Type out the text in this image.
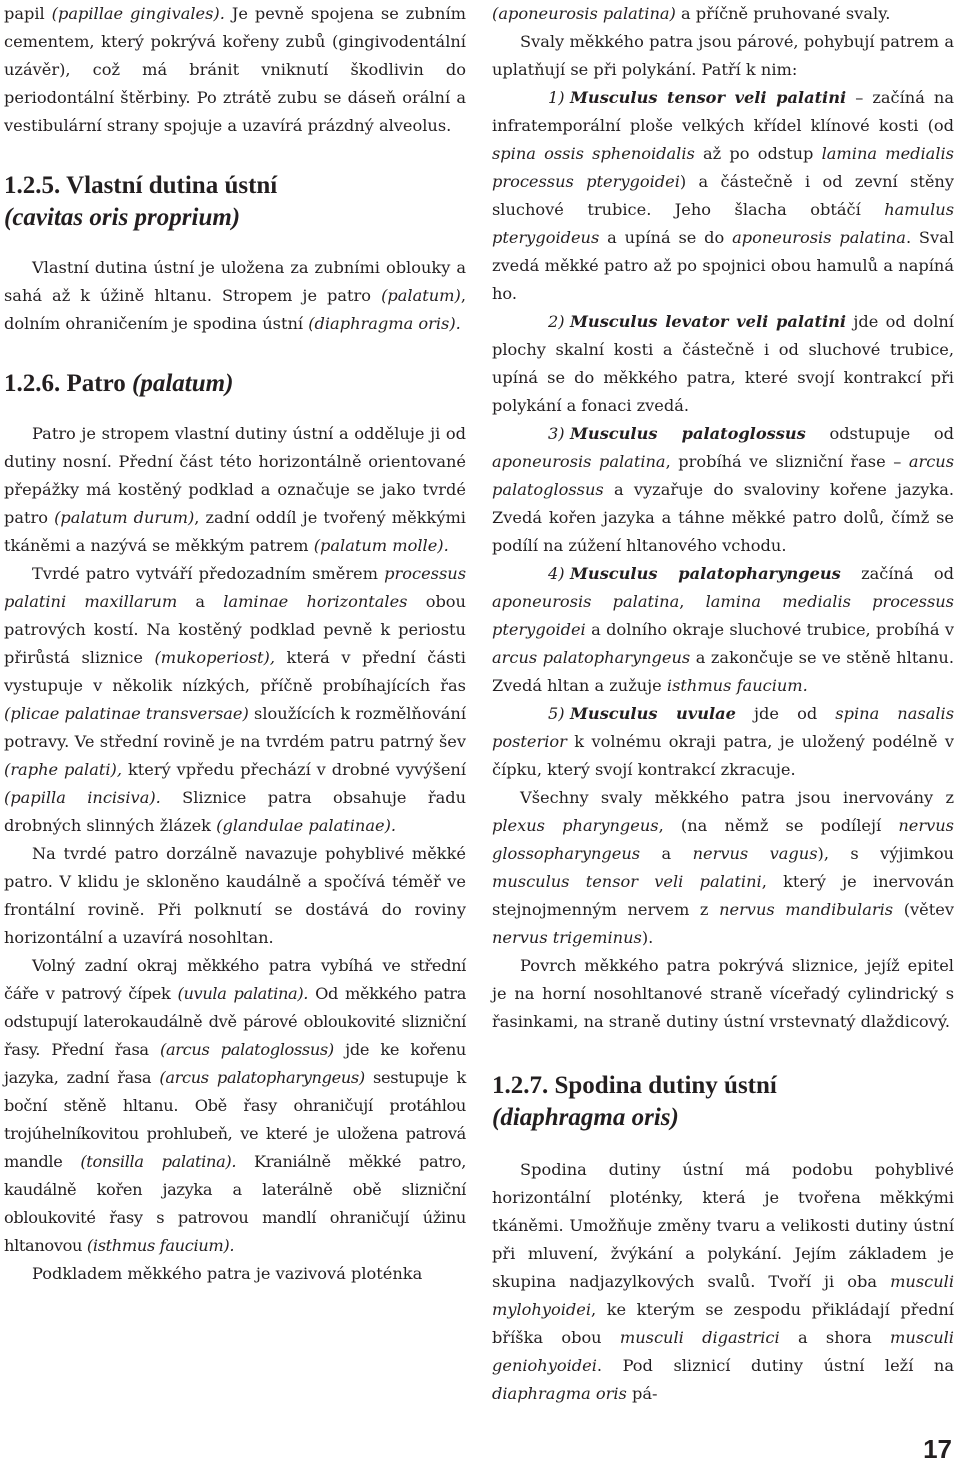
papil (papillae gingivales). Je pevně spojena se zubním cementem, který pokrývá kořeny zubů (gingivodentální uzávěr), což má bránit vniknutí škodlivin do periodontální štěrbiny. Po ztrátě zubu se dáseň orální a vestibulární strany spojuje a uzavírá prázdný alveolus.

1.2.5. Vlastní dutina ústní
(cavitas oris proprium)

Vlastní dutina ústní je uložena za zubními oblouky a sahá až k úžině hltanu. Stropem je patro (palatum), dolním ohraničením je spodina ústní (diaphragma oris).

1.2.6. Patro (palatum)

Patro je stropem vlastní dutiny ústní a odděluje ji od dutiny nosní. Přední část této horizontálně orientované přepážky má kostěný podklad a označuje se jako tvrdé patro (palatum durum), zadní oddíl je tvořený měkkými tkáněmi a nazývá se měkkým patrem (palatum molle).

Tvrdé patro vytváří předozadním směrem processus palatini maxillarum a laminae horizontales obou patrových kostí. Na kostěný podklad pevně k periostu přirůstá sliznice (mukoperiost), která v přední části vystupuje v několik nízkých, příčně probíhajících řas (plicae palatinae transversae) sloužících k rozmělňování potravy. Ve střední rovině je na tvrdém patru patrný šev (raphe palati), který vpředu přechází v drobné vyvýšení (papilla incisiva). Sliznice patra obsahuje řadu drobných slinných žlázek (glandulae palatinae).

Na tvrdé patro dorzálně navazuje pohyblivé měkké patro. V klidu je skloněno kaudálně a spočívá téměř ve frontální rovině. Při polknutí se dostává do roviny horizontální a uzavírá nosohltan.

Volný zadní okraj měkkého patra vybíhá ve střední čáře v patrový čípek (uvula palatina). Od měkkého patra odstupují laterokaudálně dvě párové obloukovité slizniční řasy. Přední řasa (arcus palatoglossus) jde ke kořenu jazyka, zadní řasa (arcus palatopharyngeus) sestupuje k boční stěně hltanu. Obě řasy ohraničují protáhlou trojúhelníkovitou prohlubeň, ve které je uložena patrová mandle (tonsilla palatina). Kraniálně měkké patro, kaudálně kořen jazyka a laterálně obě slizniční obloukovité řasy s patrovou mandlí ohraničují úžinu hltanovou (isthmus faucium).

Podkladem měkkého patra je vazivová ploténka

(aponeurosis palatina) a příčně pruhované svaly.

Svaly měkkého patra jsou párové, pohybují patrem a uplatňují se při polykání. Patří k nim:

1) Musculus tensor veli palatini – začíná na infratemporální ploše velkých křídel klínové kosti (od spina ossis sphenoidalis až po odstup lamina medialis processus pterygoidei) a částečně i od zevní stěny sluchové trubice. Jeho šlacha obtáčí hamulus pterygoideus a upíná se do aponeurosis palatina. Sval zvedá měkké patro až po spojnici obou hamulů a napíná ho.

2) Musculus levator veli palatini jde od dolní plochy skalní kosti a částečně i od sluchové trubice, upíná se do měkkého patra, které svojí kontrakcí při polykání a fonaci zvedá.

3) Musculus palatoglossus odstupuje od aponeurosis palatina, probíhá ve slizniční řase – arcus palatoglossus a vyzařuje do svaloviny kořene jazyka. Zvedá kořen jazyka a táhne měkké patro dolů, čímž se podílí na zúžení hltanového vchodu.

4) Musculus palatopharyngeus začíná od aponeurosis palatina, lamina medialis processus pterygoidei a dolního okraje sluchové trubice, probíhá v arcus palatopharyngeus a zakončuje se ve stěně hltanu. Zvedá hltan a zužuje isthmus faucium.

5) Musculus uvulae jde od spina nasalis posterior k volnému okraji patra, je uložený podélně v čípku, který svojí kontrakcí zkracuje.

Všechny svaly měkkého patra jsou inervovány z plexus pharyngeus, (na němž se podílejí nervus glossopharyngeus a nervus vagus), s výjimkou musculus tensor veli palatini, který je inervován stejnojmenným nervem z nervus mandibularis (větev nervus trigeminus).

Povrch měkkého patra pokrývá sliznice, jejíž epitel je na horní nosohltanové straně víceřadý cylindrický s řasinkami, na straně dutiny ústní vrstevnatý dlaždicový.

1.2.7. Spodina dutiny ústní
(diaphragma oris)

Spodina dutiny ústní má podobu pohyblivé horizontální ploténky, která je tvořena měkkými tkáněmi. Umožňuje změny tvaru a velikosti dutiny ústní při mluvení, žvýkání a polykání. Jejím základem je skupina nadjazylkových svalů. Tvoří ji oba musculi mylohyoidei, ke kterým se zespodu přikládají přední bříška obou musculi digastrici a shora musculi geniohyoidei. Pod sliznicí dutiny ústní leží na diaphragma oris pá-

17
